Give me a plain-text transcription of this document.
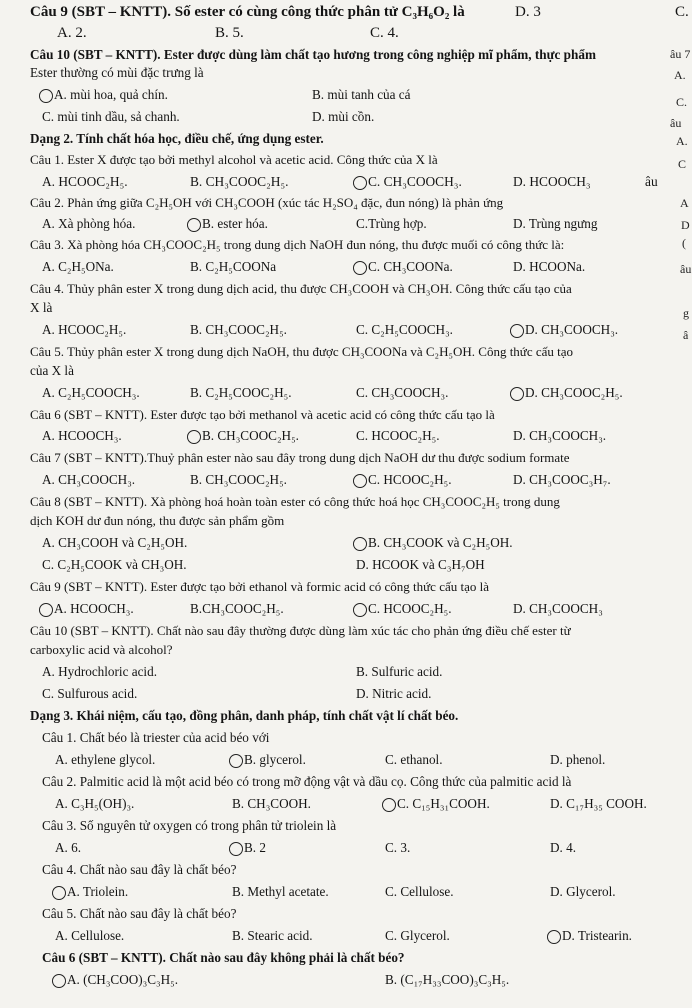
Câu 9 (SBT – KNTT). Số ester có cùng công thức phân tử C₃H₆O₂ là	D. 3	C.
A. 2.	B. 5.	C. 4.
Câu 10 (SBT – KNTT). Ester được dùng làm chất tạo hương trong công nghiệp mĩ phẩm, thực phẩm
Ester thường có mùi đặc trưng là
A. mùi hoa, quả chín.	B. mùi tanh của cá
C. mùi tinh dầu, sả chanh.	D. mùi cồn.
Dạng 2. Tính chất hóa học, điều chế, ứng dụng ester.
Câu 1. Ester X được tạo bởi methyl alcohol và acetic acid. Công thức của X là
A. HCOOC₂H₅.	B. CH₃COOC₂H₅.	C. CH₃COOCH₃.	D. HCOOCH₃	âu
Câu 2. Phản ứng giữa C₂H₅OH với CH₃COOH (xúc tác H₂SO₄ đặc, đun nóng) là phản ứng
A. Xà phòng hóa.	B. ester hóa.	C.Trùng hợp.	D. Trùng ngưng
Câu 3. Xà phòng hóa CH₃COOC₂H₅ trong dung dịch NaOH đun nóng, thu được muối có công thức là:
A. C₂H₅ONa.	B. C₂H₅COONa	C. CH₃COONa.	D. HCOONa.
Câu 4. Thủy phân ester X trong dung dịch acid, thu được CH₃COOH và CH₃OH. Công thức cấu tạo của
X là
A. HCOOC₂H₅.	B. CH₃COOC₂H₅.	C. C₂H₅COOCH₃.	D. CH₃COOCH₃.
Câu 5. Thủy phân ester X trong dung dịch NaOH, thu được CH₃COONa và C₂H₅OH. Công thức cấu tạo
của X là
A. C₂H₅COOCH₃.	B. C₂H₅COOC₂H₅.	C. CH₃COOCH₃.	D. CH₃COOC₂H₅.
Câu 6 (SBT – KNTT). Ester được tạo bởi methanol và acetic acid có công thức cấu tạo là
A. HCOOCH₃.	B. CH₃COOC₂H₅.	C. HCOOC₂H₅.	D. CH₃COOCH₃.
Câu 7 (SBT – KNTT).Thuỷ phân ester nào sau đây trong dung dịch NaOH dư thu được sodium formate
A. CH₃COOCH₃.	B. CH₃COOC₂H₅.	C. HCOOC₂H₅.	D. CH₃COOC₃H₇.
Câu 8 (SBT – KNTT). Xà phòng hoá hoàn toàn ester có công thức hoá học CH₃COOC₂H₅ trong dung
dịch KOH dư đun nóng, thu được sản phẩm gồm
A. CH₃COOH và C₂H₅OH.	B. CH₃COOK và C₂H₅OH.
C. C₂H₅COOK và CH₃OH.	D. HCOOK và C₃H₇OH
Câu 9 (SBT – KNTT). Ester được tạo bởi ethanol và formic acid có công thức cấu tạo là
A. HCOOCH₃.	B.CH₃COOC₂H₅.	C. HCOOC₂H₅.	D. CH₃COOCH₃
Câu 10 (SBT – KNTT). Chất nào sau đây thường được dùng làm xúc tác cho phản ứng điều chế ester từ
carboxylic acid và alcohol?
A. Hydrochloric acid.	B. Sulfuric acid.
C. Sulfurous acid.	D. Nitric acid.
Dạng 3. Khái niệm, cấu tạo, đồng phân, danh pháp, tính chất vật lí chất béo.
Câu 1. Chất béo là triester của acid béo với
A. ethylene glycol.	B. glycerol.	C. ethanol.	D. phenol.
Câu 2. Palmitic acid là một acid béo có trong mỡ động vật và dầu cọ. Công thức của palmitic acid là
A. C₃H₅(OH)₃.	B. CH₃COOH.	C. C₁₅H₃₁COOH.	D. C₁₇H₃₅ COOH.
Câu 3. Số nguyên tử oxygen có trong phân tử triolein là
A. 6.	B. 2	C. 3.	D. 4.
Câu 4. Chất nào sau đây là chất béo?
A. Triolein.	B. Methyl acetate.	C. Cellulose.	D. Glycerol.
Câu 5. Chất nào sau đây là chất béo?
A. Cellulose.	B. Stearic acid.	C. Glycerol.	D. Tristearin.
Câu 6 (SBT – KNTT). Chất nào sau đây không phải là chất béo?
A. (CH₃COO)₃C₃H₅.	B. (C₁₇H₃₃COO)₃C₃H₅.
âu 7
A.
C.
âu
A.
C
A
D
(
âu
g
â
